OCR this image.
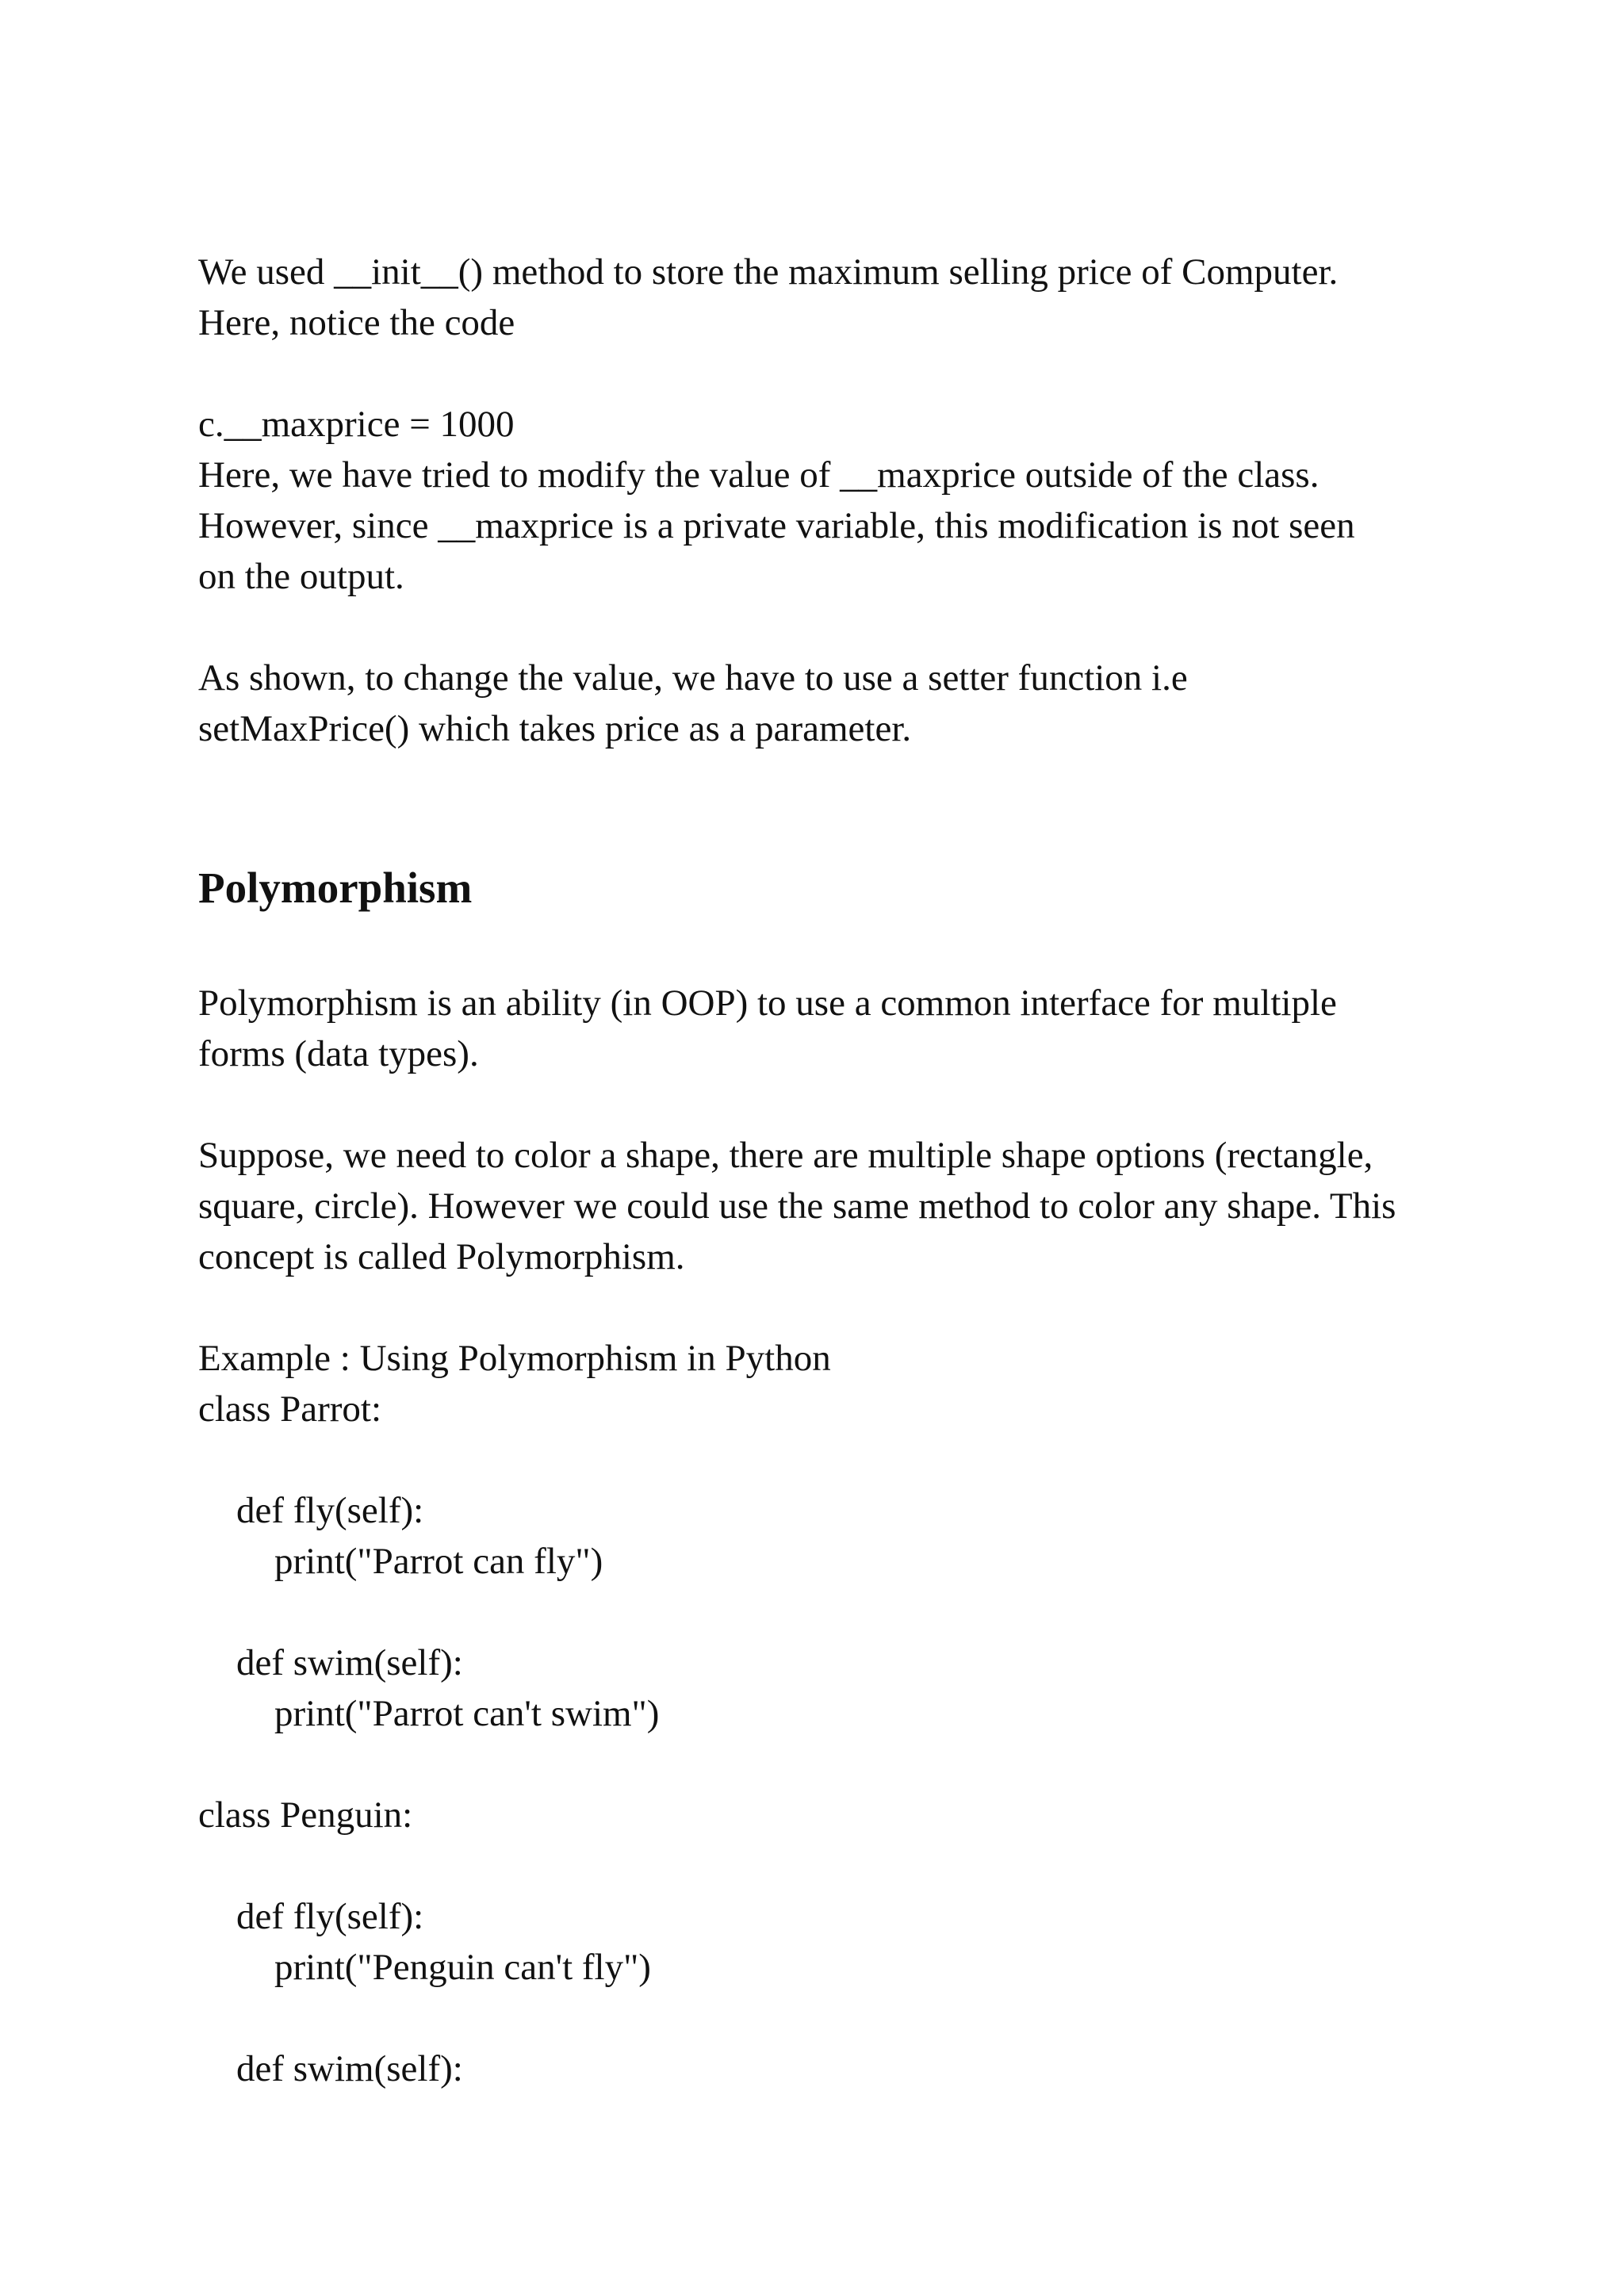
We used __init__() method to store the maximum selling price of Computer.

Here, notice the code

c.__maxprice = 1000

Here, we have tried to modify the value of __maxprice outside of the class.

However, since __maxprice is a private variable, this modification is not seen

on the output.

As shown, to change the value, we have to use a setter function i.e

setMaxPrice() which takes price as a parameter.

Polymorphism

Polymorphism is an ability (in OOP) to use a common interface for multiple

forms (data types).

Suppose, we need to color a shape, there are multiple shape options (rectangle,

square, circle). However we could use the same method to color any shape. This

concept is called Polymorphism.

Example : Using Polymorphism in Python

class Parrot:

def fly(self):

print("Parrot can fly")

def swim(self):

print("Parrot can't swim")

class Penguin:

def fly(self):

print("Penguin can't fly")

def swim(self):
